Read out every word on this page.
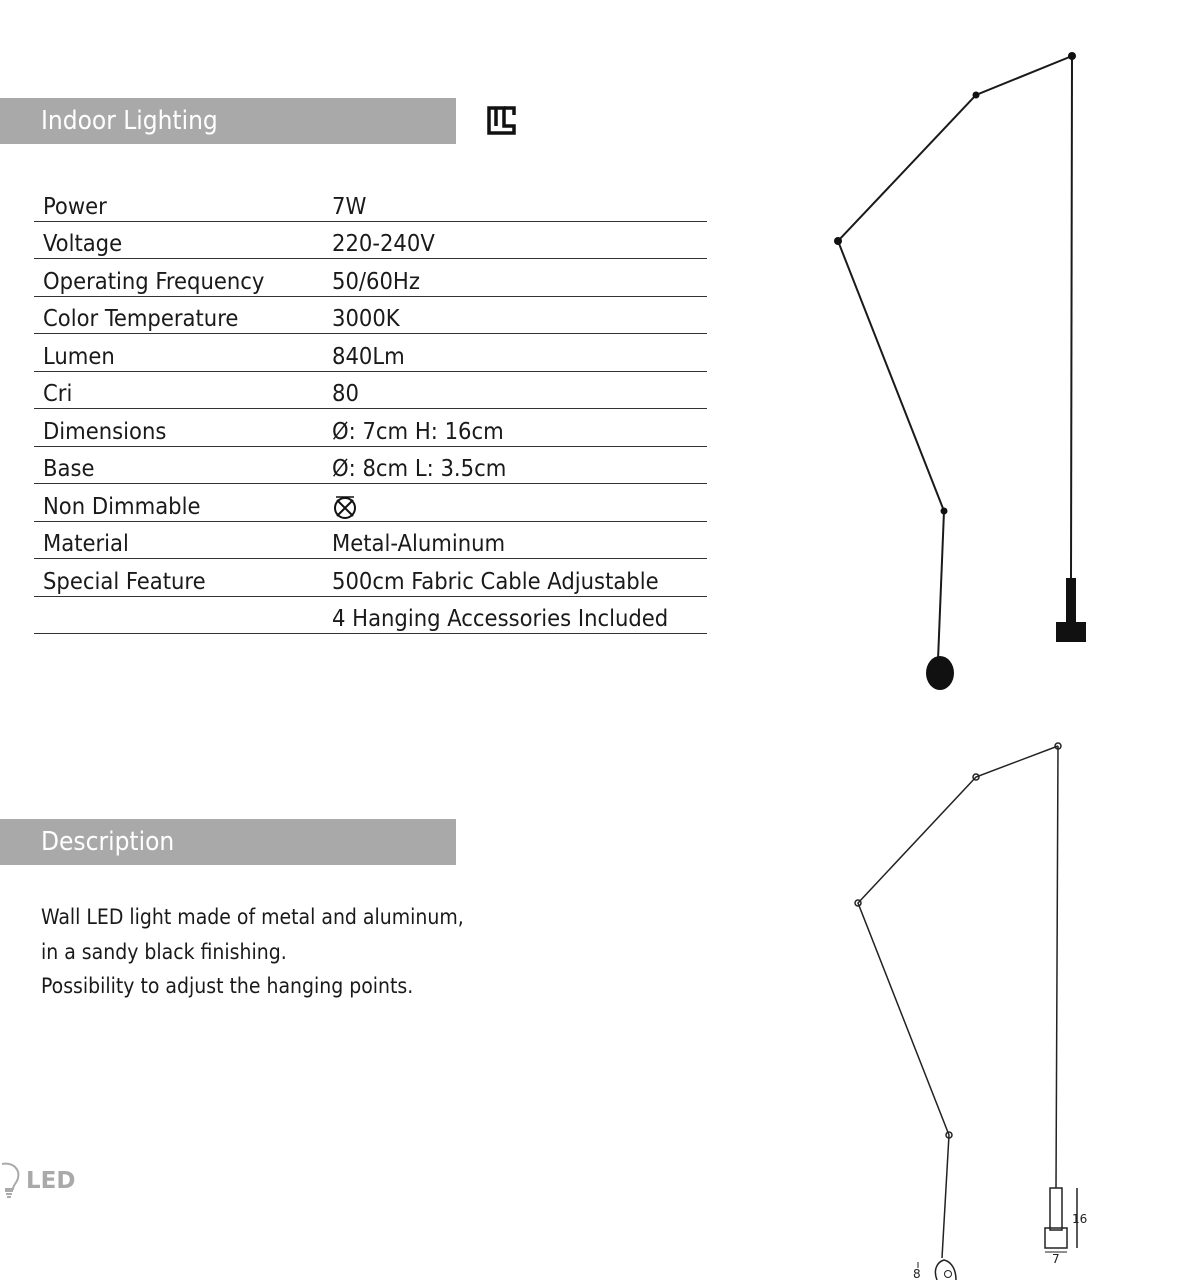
Indoor Lighting
Power	7W
Voltage	220-240V
Operating Frequency	50/60Hz
Color Temperature	3000K
Lumen	840Lm
Cri	80
Dimensions	Ø: 7cm H: 16cm
Base	Ø: 8cm L: 3.5cm
Non Dimmable	
Material	Metal-Aluminum
Special Feature	500cm Fabric Cable Adjustable
	4 Hanging Accessories Included
Description
Wall LED light made of metal and aluminum,
in a sandy black finishing.
Possibility to adjust the hanging points.
LED
16
7
8
